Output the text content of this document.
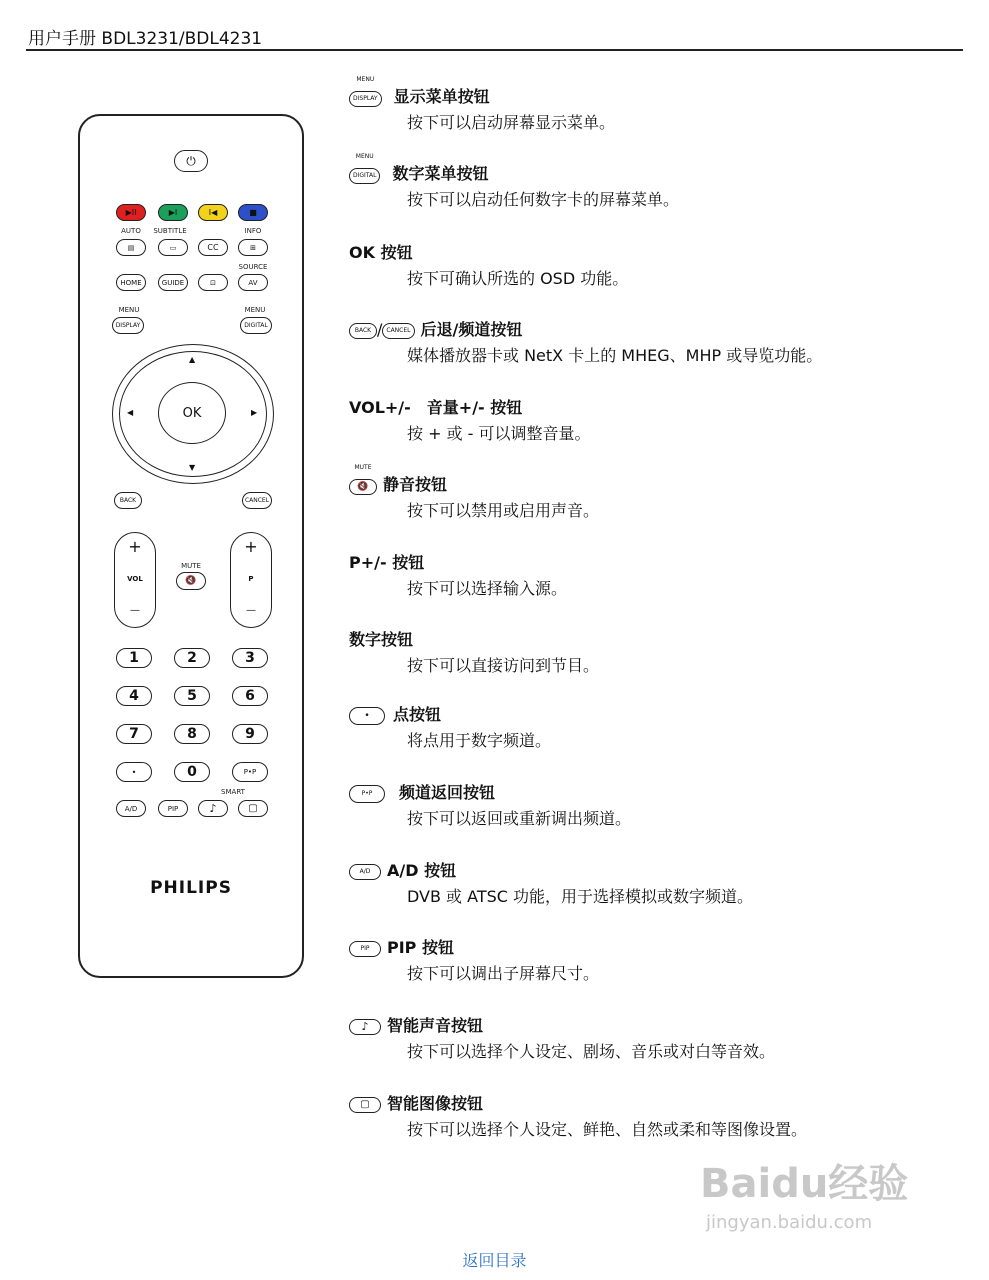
用户手册 BDL3231/BDL4231
⏻
▶II	▶I	I◀	■
AUTO
▤
SUBTITLE
▭	CC
INFO
⊞
HOME	GUIDE	⊡
SOURCE
AV
MENU
DISPLAY
MENU
DIGITAL
▲
▼
◀	▶
OK
BACK	CANCEL
+
VOL
—
MUTE
🔇
+
P
—
1	2	3
4	5	6
7	8	9
•	0	P•P
A/D	PIP
SMART
♪	▢
PHILIPS
MENU
DISPLAY 显示菜单按钮
按下可以启动屏幕显示菜单。
MENU
DIGITAL 数字菜单按钮
按下可以启动任何数字卡的屏幕菜单。
OK 按钮
按下可确认所选的 OSD 功能。
BACK / CANCEL 后退/频道按钮
媒体播放器卡或 NetX 卡上的 MHEG、MHP 或导览功能。
VOL+/-　音量+/- 按钮
按 + 或 - 可以调整音量。
MUTE
🔇 静音按钮
按下可以禁用或启用声音。
P+/- 按钮
按下可以选择输入源。
数字按钮
按下可以直接访问到节目。
• 点按钮
将点用于数字频道。
P•P 频道返回按钮
按下可以返回或重新调出频道。
A/D A/D 按钮
DVB 或 ATSC 功能，用于选择模拟或数字频道。
PIP PIP 按钮
按下可以调出子屏幕尺寸。
♪ 智能声音按钮
按下可以选择个人设定、剧场、音乐或对白等音效。
▢ 智能图像按钮
按下可以选择个人设定、鲜艳、自然或柔和等图像设置。
Baidu经验
jingyan.baidu.com
返回目录
